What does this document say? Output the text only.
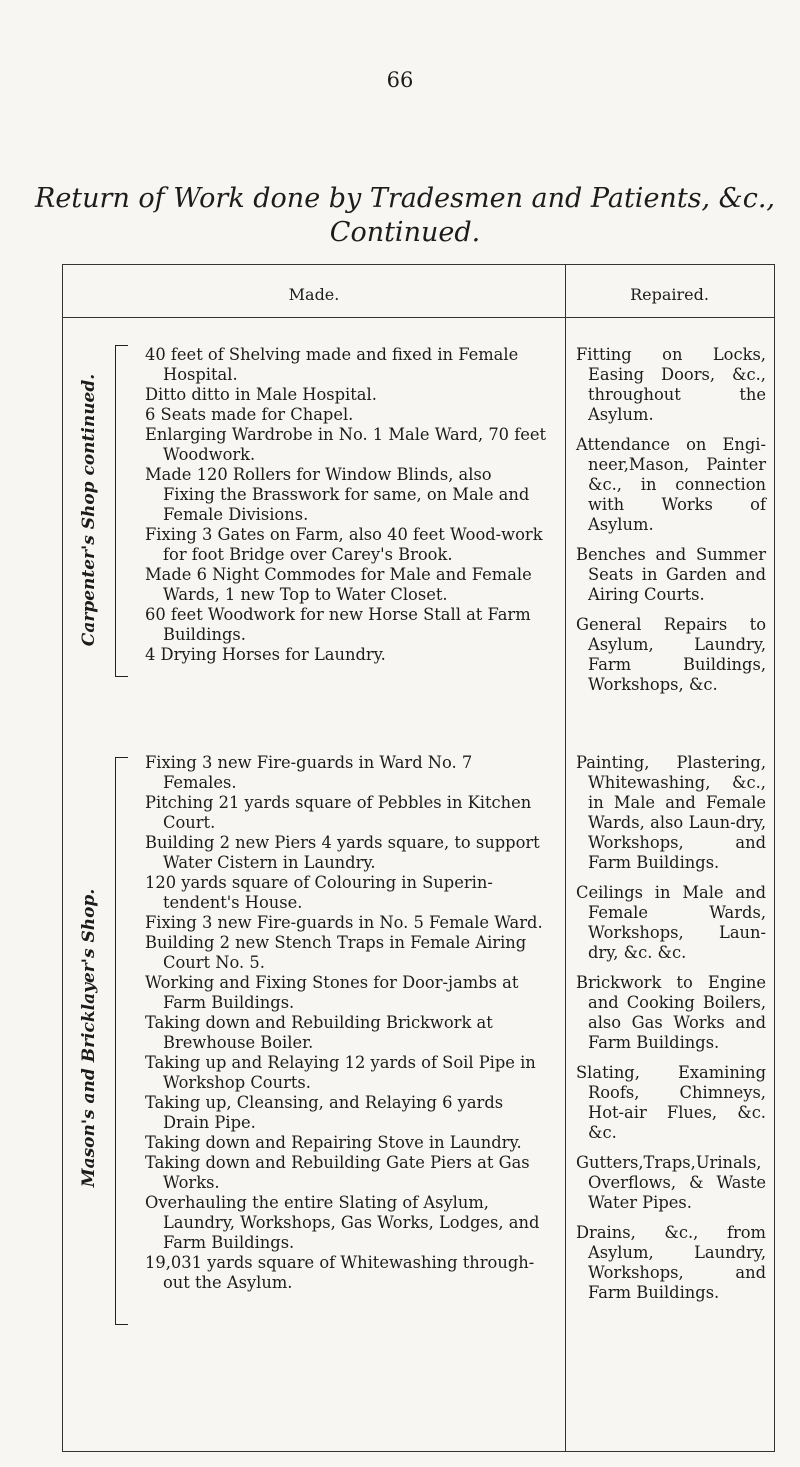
66
Return of Work done by Tradesmen and Patients, &c.,
Continued.
Made.	Repaired.
Carpenter's Shop continued.

40 feet of Shelving made and fixed in Female Hospital.

Ditto ditto in Male Hospital.

6 Seats made for Chapel.

Enlarging Wardrobe in No. 1 Male Ward, 70 feet Woodwork.

Made 120 Rollers for Window Blinds, also Fixing the Brasswork for same, on Male and Female Divisions.

Fixing 3 Gates on Farm, also 40 feet Wood-work for foot Bridge over Carey's Brook.

Made 6 Night Commodes for Male and Female Wards, 1 new Top to Water Closet.

60 feet Woodwork for new Horse Stall at Farm Buildings.

4 Drying Horses for Laundry.

Fitting on Locks, Easing Doors, &c., throughout the Asylum.

Attendance on Engi-neer,Mason, Painter &c., in connection with Works of Asylum.

Benches and Summer Seats in Garden and Airing Courts.

General Repairs to Asylum, Laundry, Farm Buildings, Workshops, &c.

Mason's and Bricklayer's Shop.

Fixing 3 new Fire-guards in Ward No. 7 Females.

Pitching 21 yards square of Pebbles in Kitchen Court.

Building 2 new Piers 4 yards square, to support Water Cistern in Laundry.

120 yards square of Colouring in Superin-tendent's House.

Fixing 3 new Fire-guards in No. 5 Female Ward.

Building 2 new Stench Traps in Female Airing Court No. 5.

Working and Fixing Stones for Door-jambs at Farm Buildings.

Taking down and Rebuilding Brickwork at Brewhouse Boiler.

Taking up and Relaying 12 yards of Soil Pipe in Workshop Courts.

Taking up, Cleansing, and Relaying 6 yards Drain Pipe.

Taking down and Repairing Stove in Laundry.

Taking down and Rebuilding Gate Piers at Gas Works.

Overhauling the entire Slating of Asylum, Laundry, Workshops, Gas Works, Lodges, and Farm Buildings.

19,031 yards square of Whitewashing through-out the Asylum.

Painting, Plastering, Whitewashing, &c., in Male and Female Wards, also Laun-dry, Workshops, and Farm Buildings.

Ceilings in Male and Female Wards, Workshops, Laun-dry, &c. &c.

Brickwork to Engine and Cooking Boilers, also Gas Works and Farm Buildings.

Slating, Examining Roofs, Chimneys, Hot-air Flues, &c. &c.

Gutters,Traps,Urinals, Overflows, & Waste Water Pipes.

Drains, &c., from Asylum, Laundry, Workshops, and Farm Buildings.
